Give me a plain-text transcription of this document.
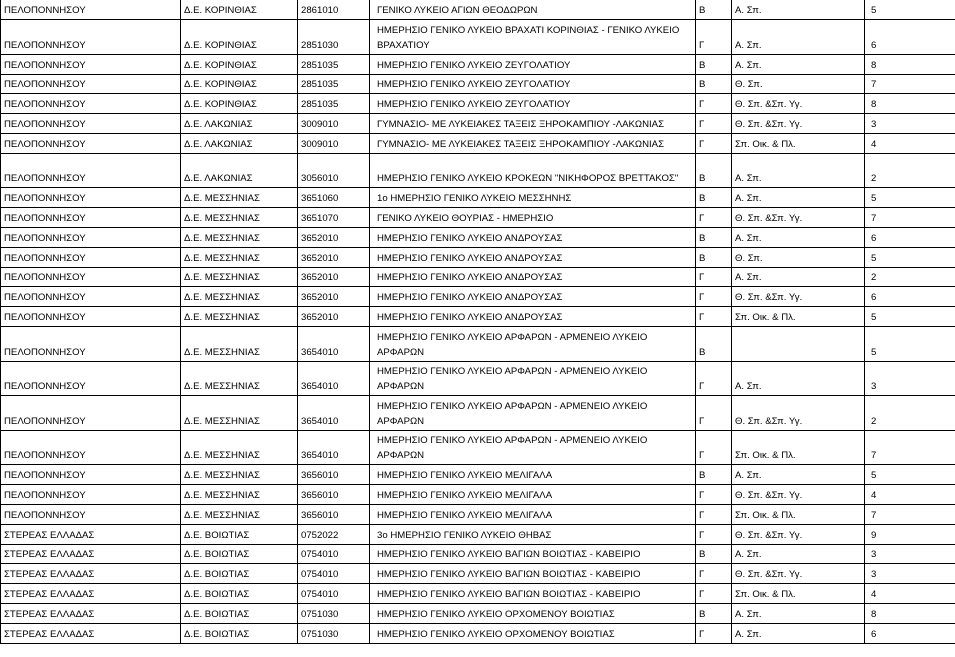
ΠΕΛΟΠΟΝΝΗΣΟΥ	Δ.Ε. ΚΟΡΙΝΘΙΑΣ	2861010	ΓΕΝΙΚΟ ΛΥΚΕΙΟ ΑΓΙΩΝ ΘΕΟΔΩΡΩΝ	Β	Α. Σπ.	5
ΠΕΛΟΠΟΝΝΗΣΟΥ	Δ.Ε. ΚΟΡΙΝΘΙΑΣ	2851030	ΗΜΕΡΗΣΙΟ ΓΕΝΙΚΟ ΛΥΚΕΙΟ ΒΡΑΧΑΤΙ ΚΟΡΙΝΘΙΑΣ - ΓΕΝΙΚΟ ΛΥΚΕΙΟ ΒΡΑΧΑΤΙΟΥ	Γ	Α. Σπ.	6
ΠΕΛΟΠΟΝΝΗΣΟΥ	Δ.Ε. ΚΟΡΙΝΘΙΑΣ	2851035	ΗΜΕΡΗΣΙΟ ΓΕΝΙΚΟ ΛΥΚΕΙΟ ΖΕΥΓΟΛΑΤΙΟΥ	Β	Α. Σπ.	8
ΠΕΛΟΠΟΝΝΗΣΟΥ	Δ.Ε. ΚΟΡΙΝΘΙΑΣ	2851035	ΗΜΕΡΗΣΙΟ ΓΕΝΙΚΟ ΛΥΚΕΙΟ ΖΕΥΓΟΛΑΤΙΟΥ	Β	Θ. Σπ.	7
ΠΕΛΟΠΟΝΝΗΣΟΥ	Δ.Ε. ΚΟΡΙΝΘΙΑΣ	2851035	ΗΜΕΡΗΣΙΟ ΓΕΝΙΚΟ ΛΥΚΕΙΟ ΖΕΥΓΟΛΑΤΙΟΥ	Γ	Θ. Σπ. &Σπ. Υγ.	8
ΠΕΛΟΠΟΝΝΗΣΟΥ	Δ.Ε. ΛΑΚΩΝΙΑΣ	3009010	ΓΥΜΝΑΣΙΟ- ΜΕ ΛΥΚΕΙΑΚΕΣ ΤΑΞΕΙΣ ΞΗΡΟΚΑΜΠΙΟΥ -ΛΑΚΩΝΙΑΣ	Γ	Θ. Σπ. &Σπ. Υγ.	3
ΠΕΛΟΠΟΝΝΗΣΟΥ	Δ.Ε. ΛΑΚΩΝΙΑΣ	3009010	ΓΥΜΝΑΣΙΟ- ΜΕ ΛΥΚΕΙΑΚΕΣ ΤΑΞΕΙΣ ΞΗΡΟΚΑΜΠΙΟΥ -ΛΑΚΩΝΙΑΣ	Γ	Σπ. Οικ. & Πλ.	4
ΠΕΛΟΠΟΝΝΗΣΟΥ	Δ.Ε. ΛΑΚΩΝΙΑΣ	3056010	ΗΜΕΡΗΣΙΟ ΓΕΝΙΚΟ ΛΥΚΕΙΟ ΚΡΟΚΕΩΝ "ΝΙΚΗΦΟΡΟΣ ΒΡΕΤΤΑΚΟΣ"	Β	Α. Σπ.	2
ΠΕΛΟΠΟΝΝΗΣΟΥ	Δ.Ε. ΜΕΣΣΗΝΙΑΣ	3651060	1ο ΗΜΕΡΗΣΙΟ ΓΕΝΙΚΟ ΛΥΚΕΙΟ ΜΕΣΣΗΝΗΣ	Β	Α. Σπ.	5
ΠΕΛΟΠΟΝΝΗΣΟΥ	Δ.Ε. ΜΕΣΣΗΝΙΑΣ	3651070	ΓΕΝΙΚΟ ΛΥΚΕΙΟ ΘΟΥΡΙΑΣ - ΗΜΕΡΗΣΙΟ	Γ	Θ. Σπ. &Σπ. Υγ.	7
ΠΕΛΟΠΟΝΝΗΣΟΥ	Δ.Ε. ΜΕΣΣΗΝΙΑΣ	3652010	ΗΜΕΡΗΣΙΟ ΓΕΝΙΚΟ ΛΥΚΕΙΟ ΑΝΔΡΟΥΣΑΣ	Β	Α. Σπ.	6
ΠΕΛΟΠΟΝΝΗΣΟΥ	Δ.Ε. ΜΕΣΣΗΝΙΑΣ	3652010	ΗΜΕΡΗΣΙΟ ΓΕΝΙΚΟ ΛΥΚΕΙΟ ΑΝΔΡΟΥΣΑΣ	Β	Θ. Σπ.	5
ΠΕΛΟΠΟΝΝΗΣΟΥ	Δ.Ε. ΜΕΣΣΗΝΙΑΣ	3652010	ΗΜΕΡΗΣΙΟ ΓΕΝΙΚΟ ΛΥΚΕΙΟ ΑΝΔΡΟΥΣΑΣ	Γ	Α. Σπ.	2
ΠΕΛΟΠΟΝΝΗΣΟΥ	Δ.Ε. ΜΕΣΣΗΝΙΑΣ	3652010	ΗΜΕΡΗΣΙΟ ΓΕΝΙΚΟ ΛΥΚΕΙΟ ΑΝΔΡΟΥΣΑΣ	Γ	Θ. Σπ. &Σπ. Υγ.	6
ΠΕΛΟΠΟΝΝΗΣΟΥ	Δ.Ε. ΜΕΣΣΗΝΙΑΣ	3652010	ΗΜΕΡΗΣΙΟ ΓΕΝΙΚΟ ΛΥΚΕΙΟ ΑΝΔΡΟΥΣΑΣ	Γ	Σπ. Οικ. & Πλ.	5
ΠΕΛΟΠΟΝΝΗΣΟΥ	Δ.Ε. ΜΕΣΣΗΝΙΑΣ	3654010	ΗΜΕΡΗΣΙΟ ΓΕΝΙΚΟ ΛΥΚΕΙΟ ΑΡΦΑΡΩΝ - ΑΡΜΕΝΕΙΟ ΛΥΚΕΙΟ ΑΡΦΑΡΩΝ	Β		5
ΠΕΛΟΠΟΝΝΗΣΟΥ	Δ.Ε. ΜΕΣΣΗΝΙΑΣ	3654010	ΗΜΕΡΗΣΙΟ ΓΕΝΙΚΟ ΛΥΚΕΙΟ ΑΡΦΑΡΩΝ - ΑΡΜΕΝΕΙΟ ΛΥΚΕΙΟ ΑΡΦΑΡΩΝ	Γ	Α. Σπ.	3
ΠΕΛΟΠΟΝΝΗΣΟΥ	Δ.Ε. ΜΕΣΣΗΝΙΑΣ	3654010	ΗΜΕΡΗΣΙΟ ΓΕΝΙΚΟ ΛΥΚΕΙΟ ΑΡΦΑΡΩΝ - ΑΡΜΕΝΕΙΟ ΛΥΚΕΙΟ ΑΡΦΑΡΩΝ	Γ	Θ. Σπ. &Σπ. Υγ.	2
ΠΕΛΟΠΟΝΝΗΣΟΥ	Δ.Ε. ΜΕΣΣΗΝΙΑΣ	3654010	ΗΜΕΡΗΣΙΟ ΓΕΝΙΚΟ ΛΥΚΕΙΟ ΑΡΦΑΡΩΝ - ΑΡΜΕΝΕΙΟ ΛΥΚΕΙΟ ΑΡΦΑΡΩΝ	Γ	Σπ. Οικ. & Πλ.	7
ΠΕΛΟΠΟΝΝΗΣΟΥ	Δ.Ε. ΜΕΣΣΗΝΙΑΣ	3656010	ΗΜΕΡΗΣΙΟ ΓΕΝΙΚΟ ΛΥΚΕΙΟ ΜΕΛΙΓΑΛΑ	Β	Α. Σπ.	5
ΠΕΛΟΠΟΝΝΗΣΟΥ	Δ.Ε. ΜΕΣΣΗΝΙΑΣ	3656010	ΗΜΕΡΗΣΙΟ ΓΕΝΙΚΟ ΛΥΚΕΙΟ ΜΕΛΙΓΑΛΑ	Γ	Θ. Σπ. &Σπ. Υγ.	4
ΠΕΛΟΠΟΝΝΗΣΟΥ	Δ.Ε. ΜΕΣΣΗΝΙΑΣ	3656010	ΗΜΕΡΗΣΙΟ ΓΕΝΙΚΟ ΛΥΚΕΙΟ ΜΕΛΙΓΑΛΑ	Γ	Σπ. Οικ. & Πλ.	7
ΣΤΕΡΕΑΣ ΕΛΛΑΔΑΣ	Δ.Ε. ΒΟΙΩΤΙΑΣ	0752022	3ο ΗΜΕΡΗΣΙΟ ΓΕΝΙΚΟ ΛΥΚΕΙΟ ΘΗΒΑΣ	Γ	Θ. Σπ. &Σπ. Υγ.	9
ΣΤΕΡΕΑΣ ΕΛΛΑΔΑΣ	Δ.Ε. ΒΟΙΩΤΙΑΣ	0754010	ΗΜΕΡΗΣΙΟ ΓΕΝΙΚΟ ΛΥΚΕΙΟ ΒΑΓΙΩΝ ΒΟΙΩΤΙΑΣ - ΚΑΒΕΙΡΙΟ	Β	Α. Σπ.	3
ΣΤΕΡΕΑΣ ΕΛΛΑΔΑΣ	Δ.Ε. ΒΟΙΩΤΙΑΣ	0754010	ΗΜΕΡΗΣΙΟ ΓΕΝΙΚΟ ΛΥΚΕΙΟ ΒΑΓΙΩΝ ΒΟΙΩΤΙΑΣ - ΚΑΒΕΙΡΙΟ	Γ	Θ. Σπ. &Σπ. Υγ.	3
ΣΤΕΡΕΑΣ ΕΛΛΑΔΑΣ	Δ.Ε. ΒΟΙΩΤΙΑΣ	0754010	ΗΜΕΡΗΣΙΟ ΓΕΝΙΚΟ ΛΥΚΕΙΟ ΒΑΓΙΩΝ ΒΟΙΩΤΙΑΣ - ΚΑΒΕΙΡΙΟ	Γ	Σπ. Οικ. & Πλ.	4
ΣΤΕΡΕΑΣ ΕΛΛΑΔΑΣ	Δ.Ε. ΒΟΙΩΤΙΑΣ	0751030	ΗΜΕΡΗΣΙΟ ΓΕΝΙΚΟ ΛΥΚΕΙΟ ΟΡΧΟΜΕΝΟΥ ΒΟΙΩΤΙΑΣ	Β	Α. Σπ.	8
ΣΤΕΡΕΑΣ ΕΛΛΑΔΑΣ	Δ.Ε. ΒΟΙΩΤΙΑΣ	0751030	ΗΜΕΡΗΣΙΟ ΓΕΝΙΚΟ ΛΥΚΕΙΟ ΟΡΧΟΜΕΝΟΥ ΒΟΙΩΤΙΑΣ	Γ	Α. Σπ.	6
